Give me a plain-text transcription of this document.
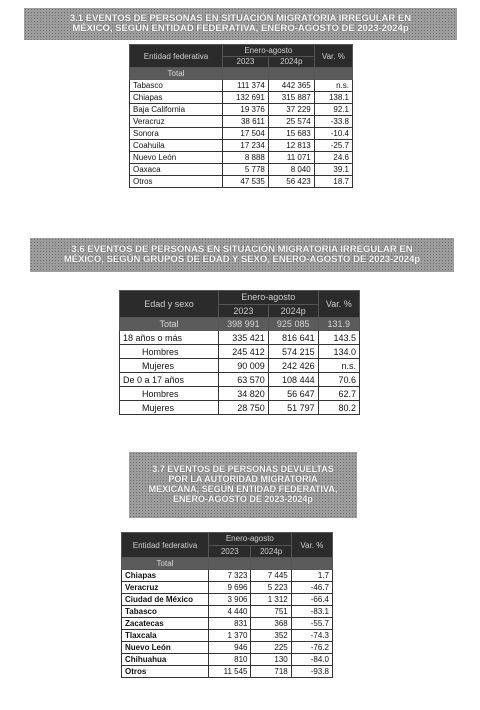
3.1 EVENTOS DE PERSONAS EN SITUACIÓN MIGRATORIA IRREGULAR EN
MÉXICO, SEGÚN ENTIDAD FEDERATIVA, ENERO-AGOSTO DE 2023-2024p
Entidad federativa	Enero-agosto		Var. %
	2023	2024p	
Total			
Tabasco	111 374	442 365	n.s.
Chiapas	132 691	315 887	138.1
Baja California	19 376	37 229	92.1
Veracruz	38 611	25 574	-33.8
Sonora	17 504	15 683	-10.4
Coahuila	17 234	12 813	-25.7
Nuevo León	8 888	11 071	24.6
Oaxaca	5 778	8 040	39.1
Otros	47 535	56 423	18.7
3.6 EVENTOS DE PERSONAS EN SITUACIÓN MIGRATORIA IRREGULAR EN
MÉXICO, SEGÚN GRUPOS DE EDAD Y SEXO, ENERO-AGOSTO DE 2023-2024p
Edad y sexo	Enero-agosto		Var. %
	2023	2024p	
Total	398 991	925 085	131.9
18 años o más	335 421	816 641	143.5
Hombres	245 412	574 215	134.0
Mujeres	90 009	242 426	n.s.
De 0 a 17 años	63 570	108 444	70.6
Hombres	34 820	56 647	62.7
Mujeres	28 750	51 797	80.2
3.7 EVENTOS DE PERSONAS DEVUELTAS
POR LA AUTORIDAD MIGRATORIA
MEXICANA, SEGÚN ENTIDAD FEDERATIVA,
ENERO-AGOSTO DE 2023-2024p
Entidad federativa	Enero-agosto		Var. %
	2023	2024p	
Total			
Chiapas	7 323	7 445	1.7
Veracruz	9 696	5 223	-46.7
Ciudad de México	3 906	1 312	-66.4
Tabasco	4 440	751	-83.1
Zacatecas	831	368	-55.7
Tlaxcala	1 370	352	-74.3
Nuevo León	946	225	-76.2
Chihuahua	810	130	-84.0
Otros	11 545	718	-93.8
